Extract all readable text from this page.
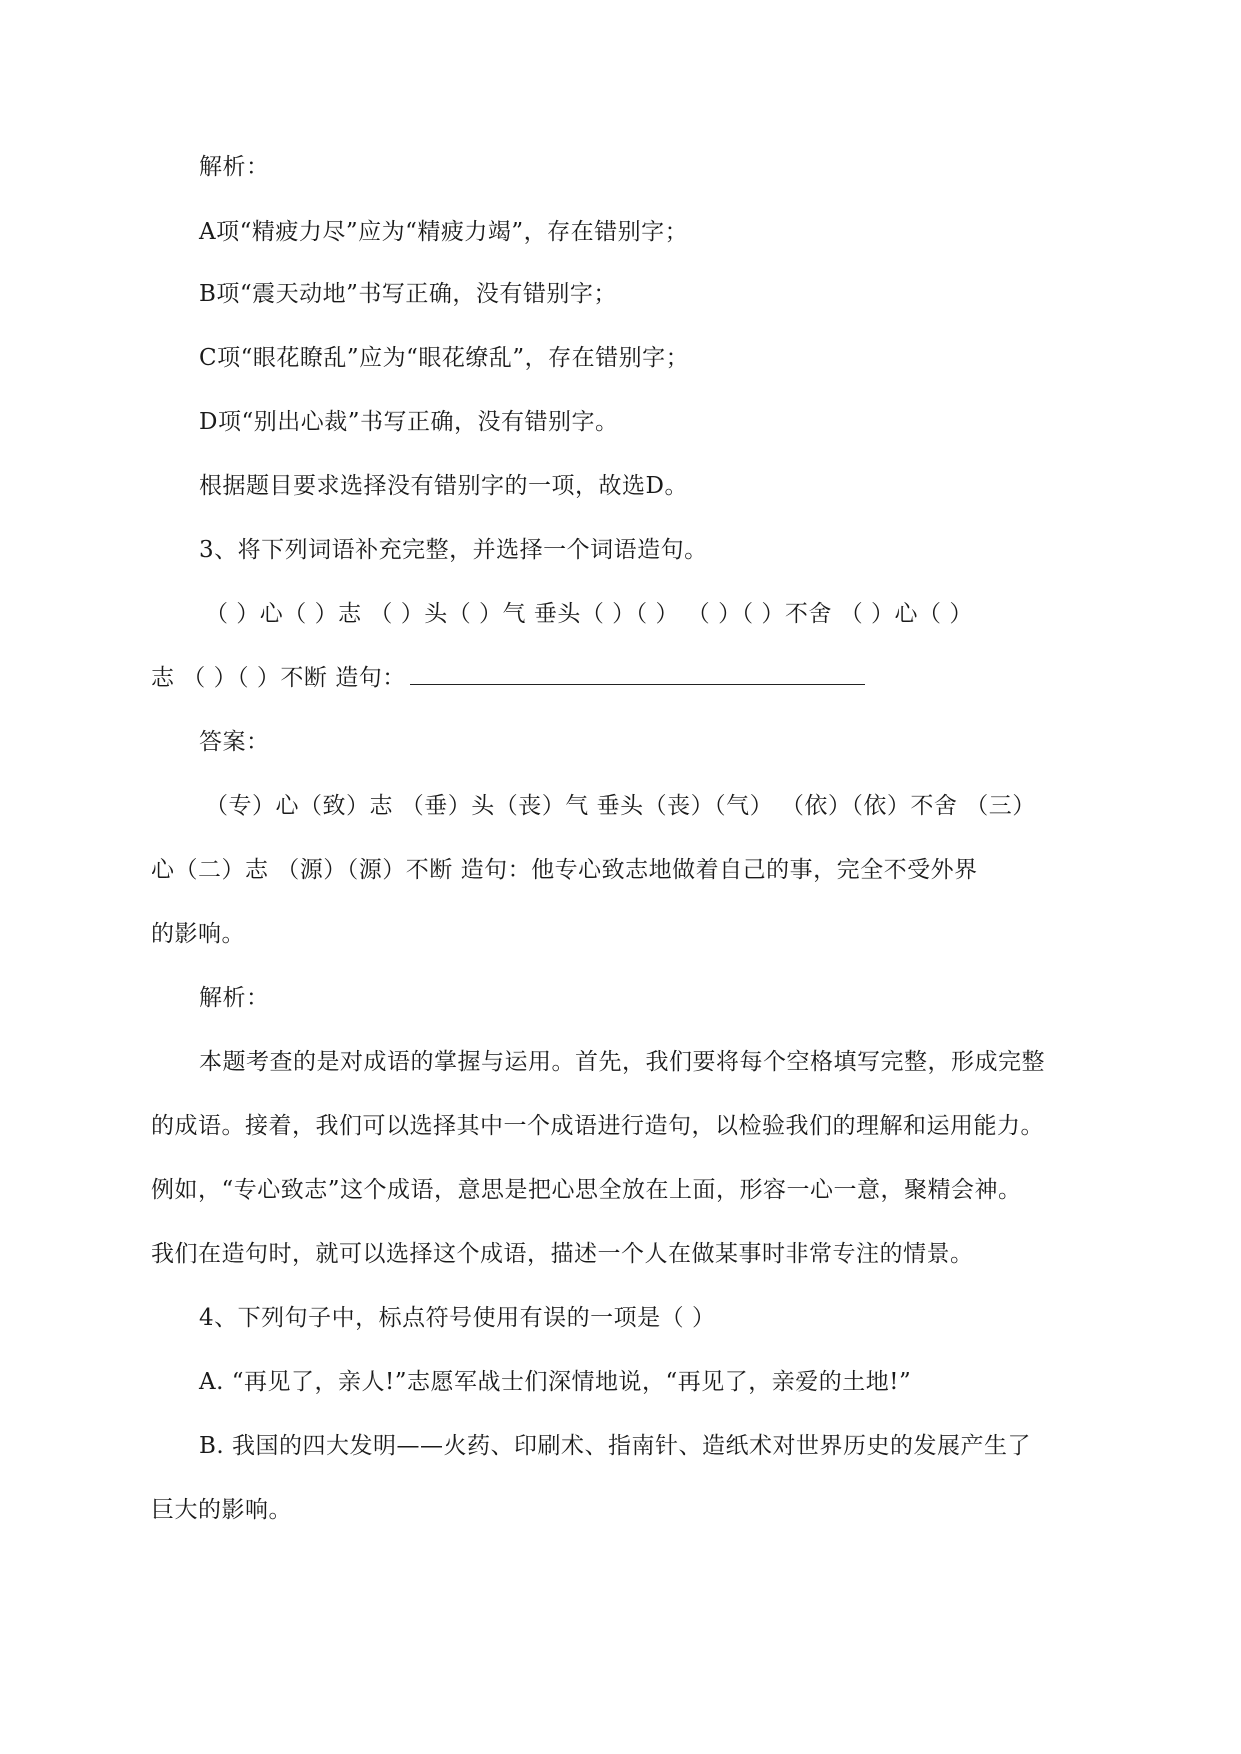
解析：
A项“精疲力尽”应为“精疲力竭”，存在错别字；
B项“震天动地”书写正确，没有错别字；
C项“眼花瞭乱”应为“眼花缭乱”，存在错别字；
D项“别出心裁”书写正确，没有错别字。
根据题目要求选择没有错别字的一项，故选D。
3、将下列词语补充完整，并选择一个词语造句。
（ ）心（ ）志 （ ）头（ ）气 垂头（ ）（ ） （ ）（ ）不舍 （ ）心（ ）
志 （ ）（ ）不断 造句：
答案：
（专）心（致）志 （垂）头（丧）气 垂头（丧）（气） （依）（依）不舍 （三）
心（二）志 （源）（源）不断 造句：他专心致志地做着自己的事，完全不受外界
的影响。
解析：
本题考查的是对成语的掌握与运用。首先，我们要将每个空格填写完整，形成完整
的成语。接着，我们可以选择其中一个成语进行造句，以检验我们的理解和运用能力。
例如，“专心致志”这个成语，意思是把心思全放在上面，形容一心一意，聚精会神。
我们在造句时，就可以选择这个成语，描述一个人在做某事时非常专注的情景。
4、下列句子中，标点符号使用有误的一项是（ ）
A. “再见了，亲人!”志愿军战士们深情地说，“再见了，亲爱的土地!”
B. 我国的四大发明——火药、印刷术、指南针、造纸术对世界历史的发展产生了
巨大的影响。
